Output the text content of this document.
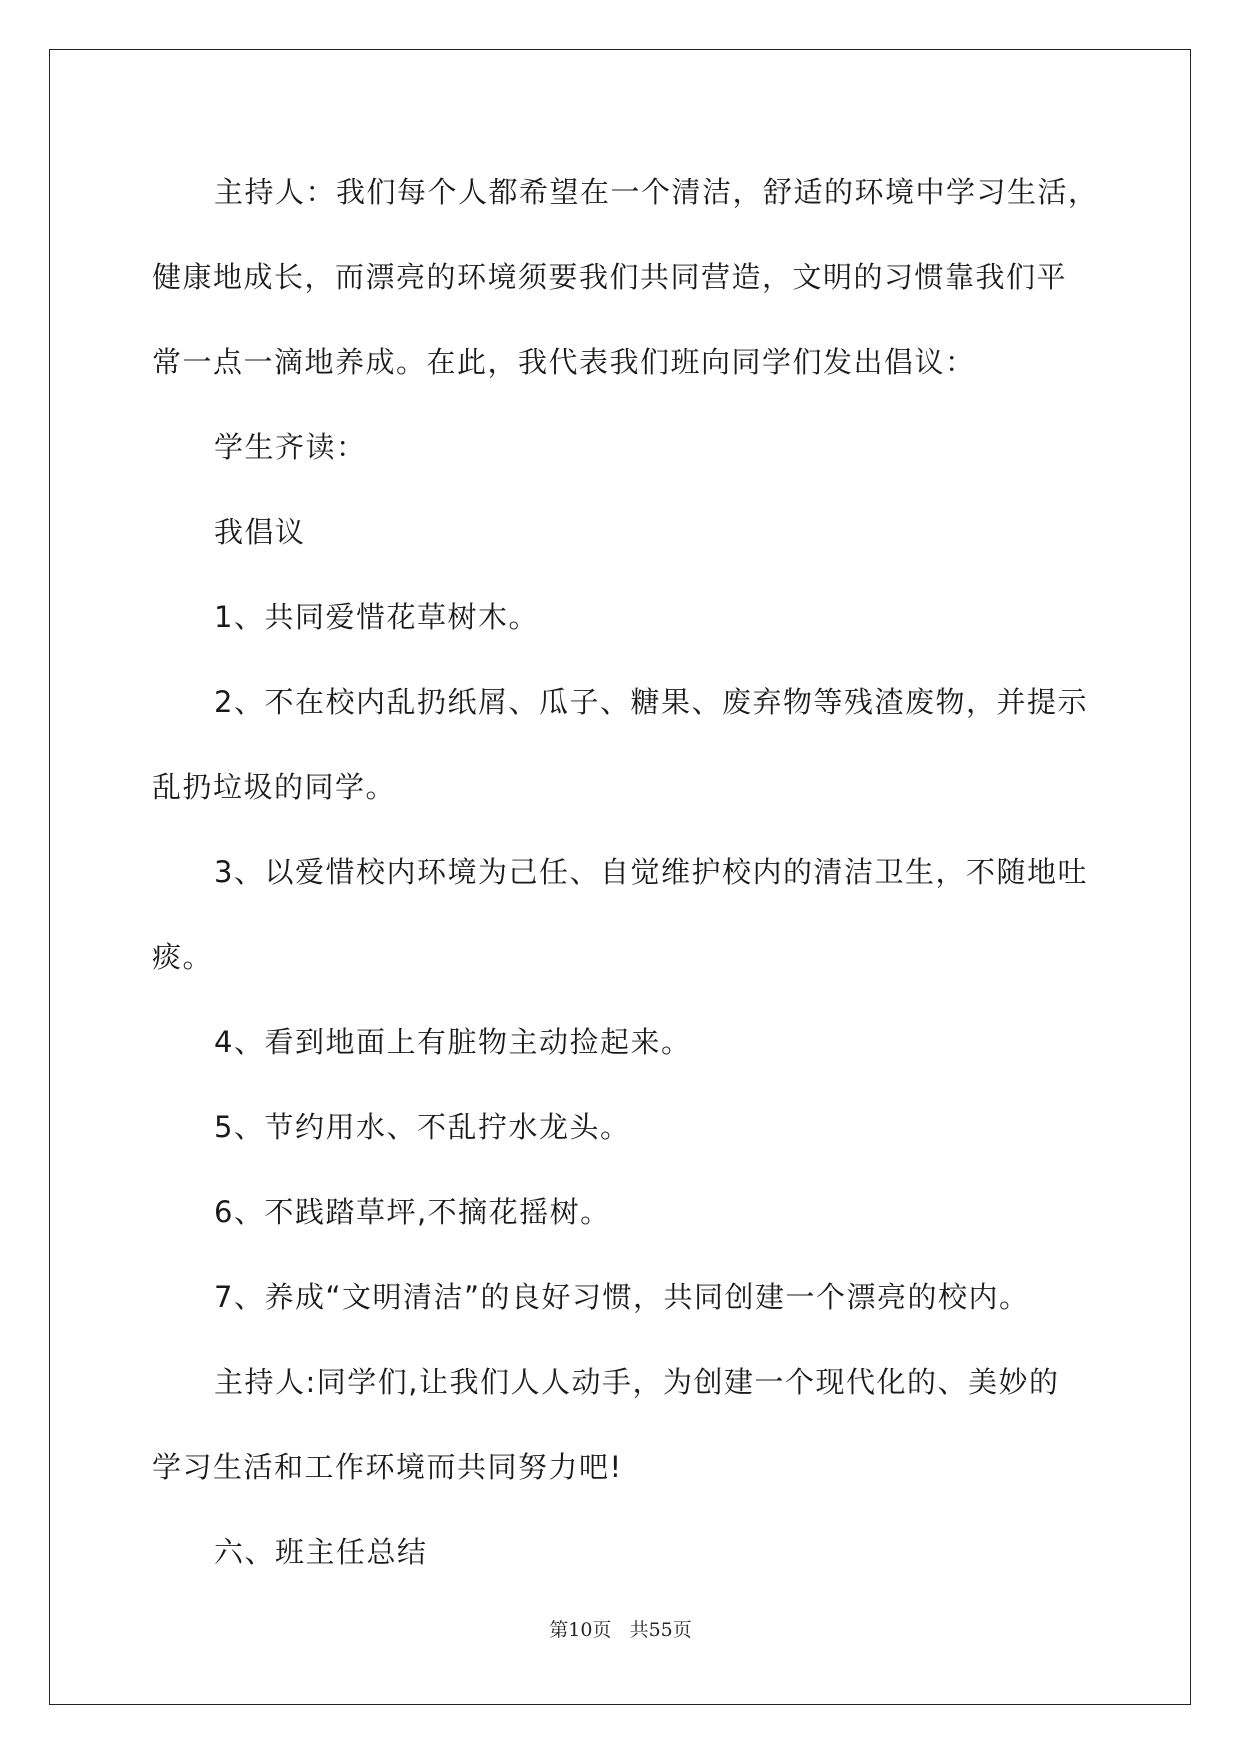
主持人：我们每个人都希望在一个清洁，舒适的环境中学习生活，
健康地成长，而漂亮的环境须要我们共同营造，文明的习惯靠我们平
常一点一滴地养成。在此，我代表我们班向同学们发出倡议：
学生齐读：
我倡议
1、共同爱惜花草树木。
2、不在校内乱扔纸屑、瓜子、糖果、废弃物等残渣废物，并提示
乱扔垃圾的同学。
3、以爱惜校内环境为己任、自觉维护校内的清洁卫生，不随地吐
痰。
4、看到地面上有脏物主动捡起来。
5、节约用水、不乱拧水龙头。
6、不践踏草坪,不摘花摇树。
7、养成“文明清洁”的良好习惯，共同创建一个漂亮的校内。
主持人:同学们,让我们人人动手，为创建一个现代化的、美妙的
学习生活和工作环境而共同努力吧!
六、班主任总结
第10页 共55页
